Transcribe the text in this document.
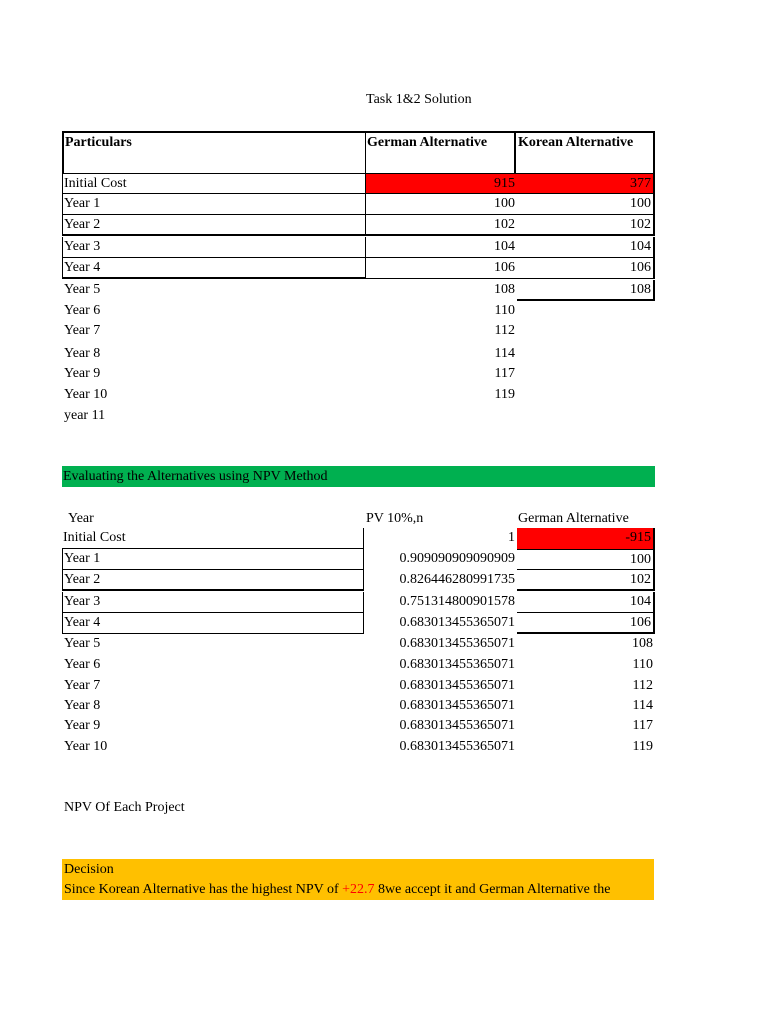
Task 1&2 Solution
Particulars	German Alternative	Korean Alternative
Initial Cost	915	377
Year 1	100	100
Year 2	102	102
Year 3	104	104
Year 4	106	106
Year 5	108	108
Year 6	110
Year 7	112
Year 8	114
Year 9	117
Year 10	119
year 11
Evaluating the Alternatives using NPV Method
Year	PV 10%,n	German Alternative
Initial Cost	1	-915
Year 1	0.909090909090909	100
Year 2	0.826446280991735	102
Year 3	0.751314800901578	104
Year 4	0.683013455365071	106
Year 5	0.683013455365071	108
Year 6	0.683013455365071	110
Year 7	0.683013455365071	112
Year 8	0.683013455365071	114
Year 9	0.683013455365071	117
Year 10	0.683013455365071	119
NPV Of Each Project
Decision
Since Korean Alternative has the highest NPV of +22.7 8we accept it and German Alternative the
